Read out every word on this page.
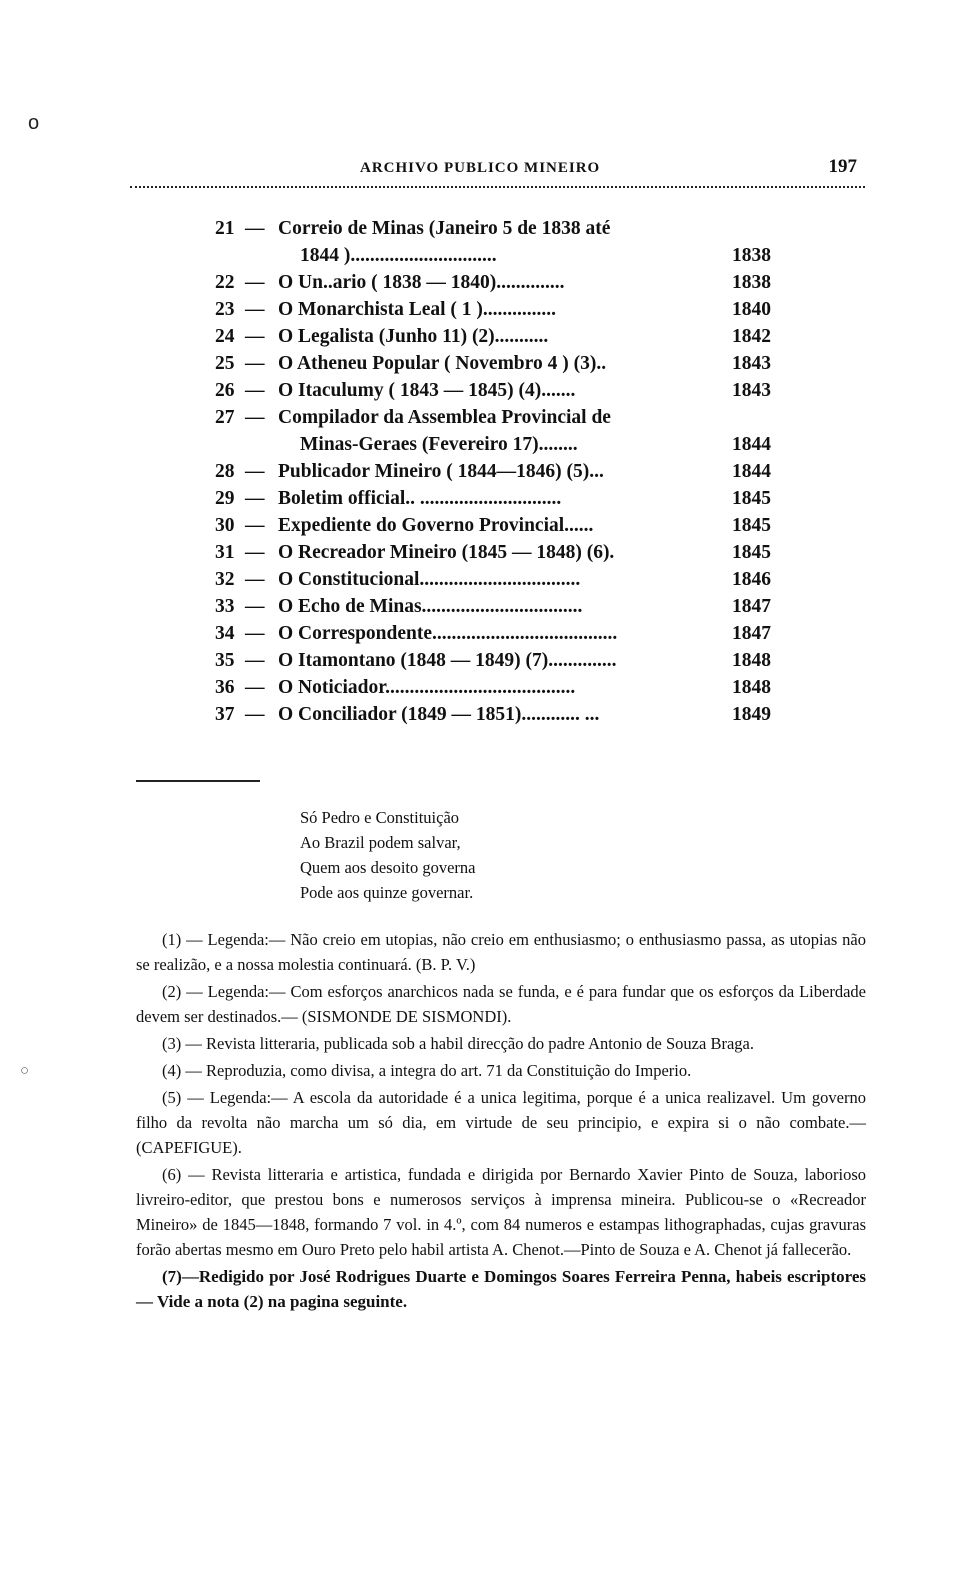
o
○
ARCHIVO PUBLICO MINEIRO	197
21 — Correio de Minas (Janeiro 5 de 1838 até
1844 )..............................	1838
22 — O Un..ario ( 1838 — 1840)..............	1838
23 — O Monarchista Leal ( 1 )...............	1840
24 — O Legalista (Junho 11) (2)...........	1842
25 — O Atheneu Popular ( Novembro 4 ) (3)..	1843
26 — O Itaculumy ( 1843 — 1845) (4).......	1843
27 — Compilador da Assemblea Provincial de
Minas-Geraes (Fevereiro 17)........	1844
28 — Publicador Mineiro ( 1844—1846) (5)...	1844
29 — Boletim official.. .............................	1845
30 — Expediente do Governo Provincial......	1845
31 — O Recreador Mineiro (1845 — 1848) (6).	1845
32 — O Constitucional.................................	1846
33 — O Echo de Minas.................................	1847
34 — O Correspondente......................................	1847
35 — O Itamontano (1848 — 1849) (7)..............	1848
36 — O Noticiador.......................................	1848
37 — O Conciliador (1849 — 1851)............ ...	1849
Só Pedro e Constituição
Ao Brazil podem salvar,
Quem aos desoito governa
Pode aos quinze governar.

(1) — Legenda:— Não creio em utopias, não creio em enthusiasmo; o enthusiasmo passa, as utopias não se realizão, e a nossa molestia continuará. (B. P. V.)

(2) — Legenda:— Com esforços anarchicos nada se funda, e é para fundar que os esforços da Liberdade devem ser destinados.— (SISMONDE DE SISMONDI).

(3) — Revista litteraria, publicada sob a habil direcção do padre Antonio de Souza Braga.

(4) — Reproduzia, como divisa, a integra do art. 71 da Constituição do Imperio.

(5) — Legenda:— A escola da autoridade é a unica legitima, porque é a unica realizavel. Um governo filho da revolta não marcha um só dia, em virtude de seu principio, e expira si o não combate.— (CAPEFIGUE).

(6) — Revista litteraria e artistica, fundada e dirigida por Bernardo Xavier Pinto de Souza, laborioso livreiro-editor, que prestou bons e numerosos serviços à imprensa mineira. Publicou-se o «Recreador Mineiro» de 1845—1848, formando 7 vol. in 4.º, com 84 numeros e estampas lithographadas, cujas gravuras forão abertas mesmo em Ouro Preto pelo habil artista A. Chenot.—Pinto de Souza e A. Chenot já fallecerão.

(7)—Redigido por José Rodrigues Duarte e Domingos Soares Ferreira Penna, habeis escriptores— Vide a nota (2) na pagina seguinte.
